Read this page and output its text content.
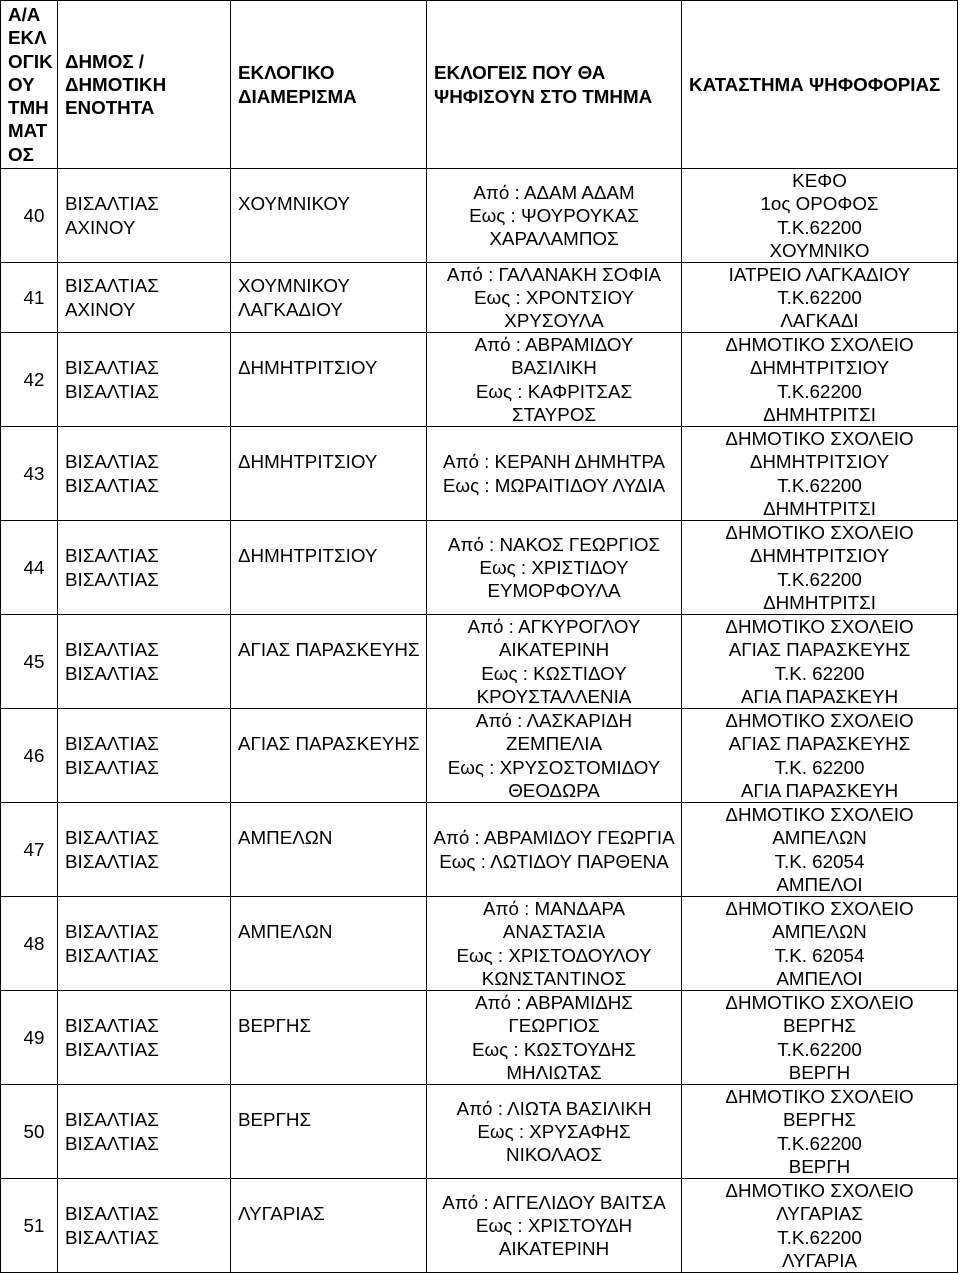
Α/Α
ΕΚΛ
ΟΓΙΚ
ΟΥ
ΤΜΗ
ΜΑΤ
ΟΣ
ΔΗΜΟΣ /
ΔΗΜΟΤΙΚΗ
ΕΝΟΤΗΤΑ
ΕΚΛΟΓΙΚΟ
ΔΙΑΜΕΡΙΣΜΑ
ΕΚΛΟΓΕΙΣ ΠΟΥ ΘΑ
ΨΗΦΙΣΟΥΝ ΣΤΟ ΤΜΗΜΑ
ΚΑΤΑΣΤΗΜΑ ΨΗΦΟΦΟΡΙΑΣ
40
ΒΙΣΑΛΤΙΑΣ
ΑΧΙΝΟΥ
ΧΟΥΜΝΙΚΟΥ
Από : ΑΔΑΜ ΑΔΑΜ
Εως : ΨΟΥΡΟΥΚΑΣ
ΧΑΡΑΛΑΜΠΟΣ
ΚΕΦΟ
1ος ΟΡΟΦΟΣ
Τ.Κ.62200
ΧΟΥΜΝΙΚΟ
41
ΒΙΣΑΛΤΙΑΣ
ΑΧΙΝΟΥ
ΧΟΥΜΝΙΚΟΥ
ΛΑΓΚΑΔΙΟΥ
Από : ΓΑΛΑΝΑΚΗ ΣΟΦΙΑ
Εως : ΧΡΟΝΤΣΙΟΥ
ΧΡΥΣΟΥΛΑ
ΙΑΤΡΕΙΟ ΛΑΓΚΑΔΙΟΥ
Τ.Κ.62200
ΛΑΓΚΑΔΙ
42
ΒΙΣΑΛΤΙΑΣ
ΒΙΣΑΛΤΙΑΣ
ΔΗΜΗΤΡΙΤΣΙΟΥ
Από : ΑΒΡΑΜΙΔΟΥ
ΒΑΣΙΛΙΚΗ
Εως : ΚΑΦΡΙΤΣΑΣ
ΣΤΑΥΡΟΣ
ΔΗΜΟΤΙΚΟ ΣΧΟΛΕΙΟ
ΔΗΜΗΤΡΙΤΣΙΟΥ
Τ.Κ.62200
ΔΗΜΗΤΡΙΤΣΙ
43
ΒΙΣΑΛΤΙΑΣ
ΒΙΣΑΛΤΙΑΣ
ΔΗΜΗΤΡΙΤΣΙΟΥ	Από : ΚΕΡΑΝΗ ΔΗΜΗΤΡΑ
Εως : ΜΩΡΑΙΤΙΔΟΥ ΛΥΔΙΑ
ΔΗΜΟΤΙΚΟ ΣΧΟΛΕΙΟ
ΔΗΜΗΤΡΙΤΣΙΟΥ
Τ.Κ.62200
ΔΗΜΗΤΡΙΤΣΙ
44
ΒΙΣΑΛΤΙΑΣ
ΒΙΣΑΛΤΙΑΣ
ΔΗΜΗΤΡΙΤΣΙΟΥ
Από : ΝΑΚΟΣ ΓΕΩΡΓΙΟΣ
Εως : ΧΡΙΣΤΙΔΟΥ
ΕΥΜΟΡΦΟΥΛΑ
ΔΗΜΟΤΙΚΟ ΣΧΟΛΕΙΟ
ΔΗΜΗΤΡΙΤΣΙΟΥ
Τ.Κ.62200
ΔΗΜΗΤΡΙΤΣΙ
45
ΒΙΣΑΛΤΙΑΣ
ΒΙΣΑΛΤΙΑΣ
ΑΓΙΑΣ ΠΑΡΑΣΚΕΥΗΣ
Από : ΑΓΚΥΡΟΓΛΟΥ
ΑΙΚΑΤΕΡΙΝΗ
Εως : ΚΩΣΤΙΔΟΥ
ΚΡΟΥΣΤΑΛΛΕΝΙΑ
ΔΗΜΟΤΙΚΟ ΣΧΟΛΕΙΟ
ΑΓΙΑΣ ΠΑΡΑΣΚΕΥΗΣ
Τ.Κ. 62200
ΑΓΙΑ ΠΑΡΑΣΚΕΥΗ
46
ΒΙΣΑΛΤΙΑΣ
ΒΙΣΑΛΤΙΑΣ
ΑΓΙΑΣ ΠΑΡΑΣΚΕΥΗΣ
Από : ΛΑΣΚΑΡΙΔΗ
ΖΕΜΠΕΛΙΑ
Εως : ΧΡΥΣΟΣΤΟΜΙΔΟΥ
ΘΕΟΔΩΡΑ
ΔΗΜΟΤΙΚΟ ΣΧΟΛΕΙΟ
ΑΓΙΑΣ ΠΑΡΑΣΚΕΥΗΣ
Τ.Κ. 62200
ΑΓΙΑ ΠΑΡΑΣΚΕΥΗ
47
ΒΙΣΑΛΤΙΑΣ
ΒΙΣΑΛΤΙΑΣ
ΑΜΠΕΛΩΝ	Από : ΑΒΡΑΜΙΔΟΥ ΓΕΩΡΓΙΑ
Εως : ΛΩΤΙΔΟΥ ΠΑΡΘΕΝΑ
ΔΗΜΟΤΙΚΟ ΣΧΟΛΕΙΟ
ΑΜΠΕΛΩΝ
Τ.Κ. 62054
ΑΜΠΕΛΟΙ
48
ΒΙΣΑΛΤΙΑΣ
ΒΙΣΑΛΤΙΑΣ
ΑΜΠΕΛΩΝ
Από : ΜΑΝΔΑΡΑ
ΑΝΑΣΤΑΣΙΑ
Εως : ΧΡΙΣΤΟΔΟΥΛΟΥ
ΚΩΝΣΤΑΝΤΙΝΟΣ
ΔΗΜΟΤΙΚΟ ΣΧΟΛΕΙΟ
ΑΜΠΕΛΩΝ
Τ.Κ. 62054
ΑΜΠΕΛΟΙ
49
ΒΙΣΑΛΤΙΑΣ
ΒΙΣΑΛΤΙΑΣ
ΒΕΡΓΗΣ
Από : ΑΒΡΑΜΙΔΗΣ
ΓΕΩΡΓΙΟΣ
Εως : ΚΩΣΤΟΥΔΗΣ
ΜΗΛΙΩΤΑΣ
ΔΗΜΟΤΙΚΟ ΣΧΟΛΕΙΟ
ΒΕΡΓΗΣ
Τ.Κ.62200
ΒΕΡΓΗ
50
ΒΙΣΑΛΤΙΑΣ
ΒΙΣΑΛΤΙΑΣ
ΒΕΡΓΗΣ
Από : ΛΙΩΤΑ ΒΑΣΙΛΙΚΗ
Εως : ΧΡΥΣΑΦΗΣ
ΝΙΚΟΛΑΟΣ
ΔΗΜΟΤΙΚΟ ΣΧΟΛΕΙΟ
ΒΕΡΓΗΣ
Τ.Κ.62200
ΒΕΡΓΗ
51
ΒΙΣΑΛΤΙΑΣ
ΒΙΣΑΛΤΙΑΣ
ΛΥΓΑΡΙΑΣ
Από : ΑΓΓΕΛΙΔΟΥ ΒΑΙΤΣΑ
Εως : ΧΡΙΣΤΟΥΔΗ
ΑΙΚΑΤΕΡΙΝΗ
ΔΗΜΟΤΙΚΟ ΣΧΟΛΕΙΟ
ΛΥΓΑΡΙΑΣ
Τ.Κ.62200
ΛΥΓΑΡΙΑ
